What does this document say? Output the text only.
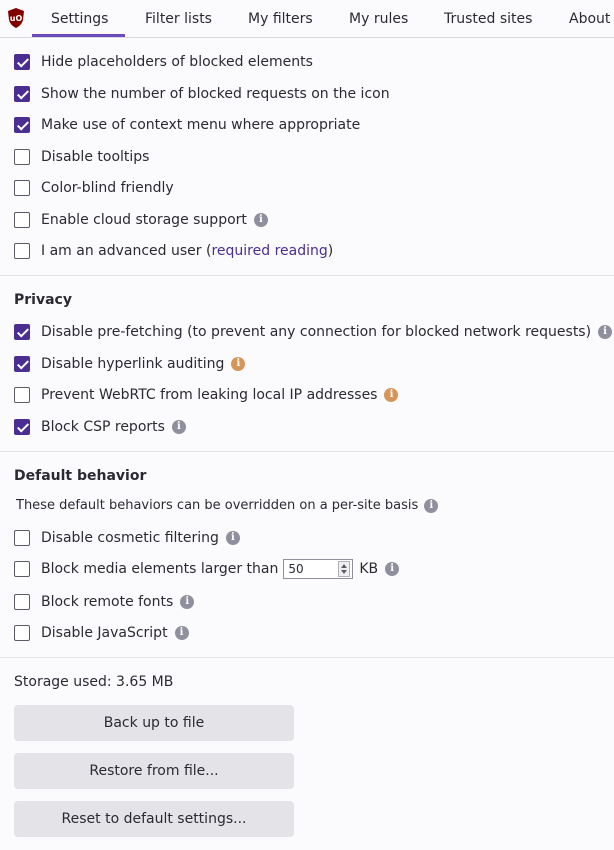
uO Settings	Filter lists	My filters	My rules	Trusted sites	About
Hide placeholders of blocked elements
Show the number of blocked requests on the icon
Make use of context menu where appropriate
Disable tooltips
Color-blind friendly
Enable cloud storage support	i
I am an advanced user ( required reading )
Privacy
Disable pre-fetching (to prevent any connection for blocked network requests)	i
Disable hyperlink auditing	i
Prevent WebRTC from leaking local IP addresses	i
Block CSP reports	i
Default behavior
These default behaviors can be overridden on a per-site basis	i
Disable cosmetic filtering	i
Block media elements larger than 50	KB	i
Block remote fonts	i
Disable JavaScript	i
Storage used: 3.65 MB
Back up to file
Restore from file...
Reset to default settings...
